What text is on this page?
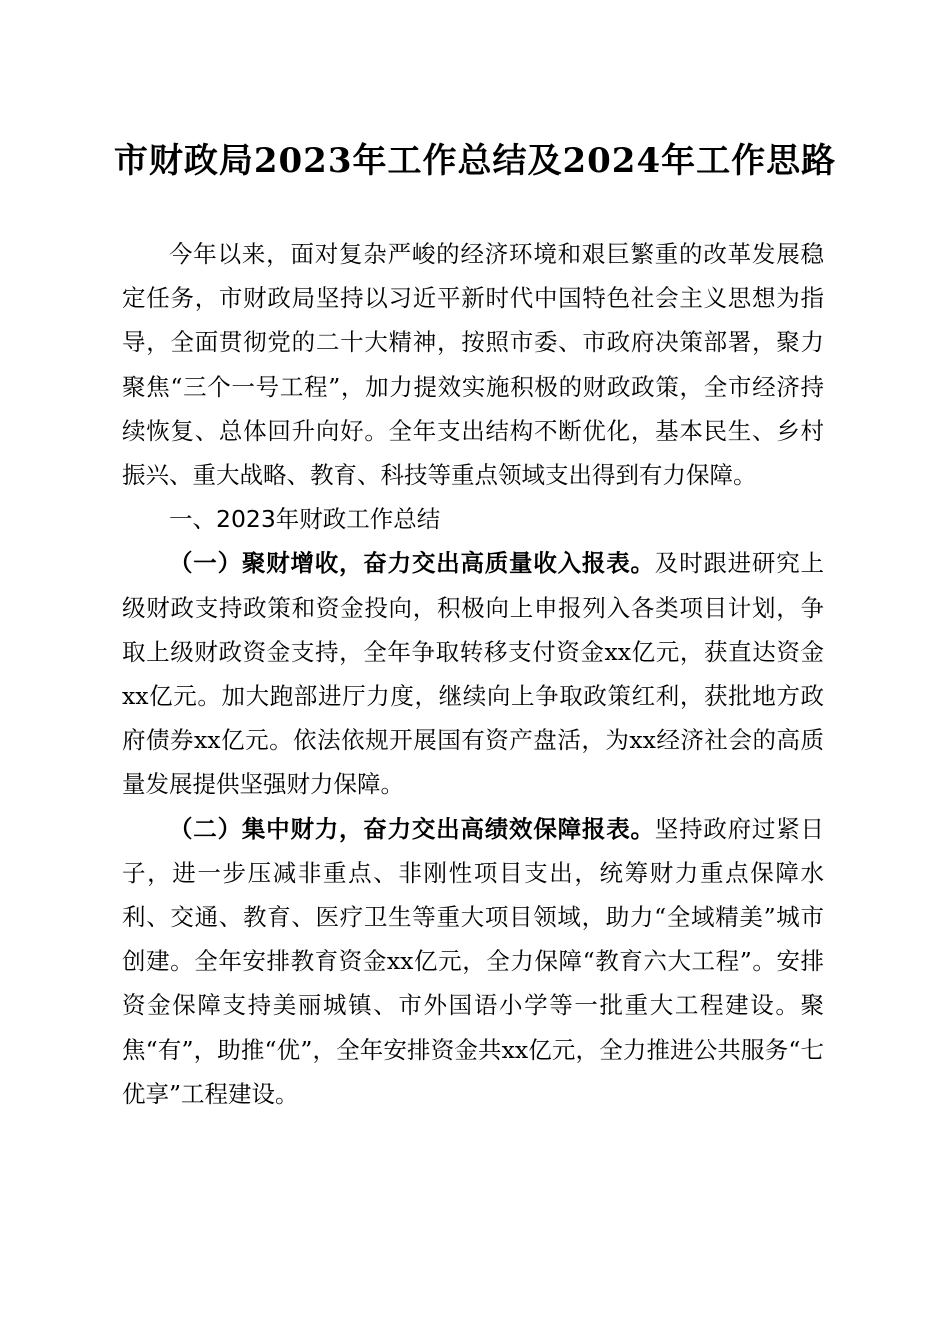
市财政局2023年工作总结及2024年工作思路

今年以来，面对复杂严峻的经济环境和艰巨繁重的改革发展稳定任务，市财政局坚持以习近平新时代中国特色社会主义思想为指导，全面贯彻党的二十大精神，按照市委、市政府决策部署，聚力聚焦“三个一号工程”，加力提效实施积极的财政政策，全市经济持续恢复、总体回升向好。全年支出结构不断优化，基本民生、乡村振兴、重大战略、教育、科技等重点领域支出得到有力保障。

一、2023年财政工作总结

（一）聚财增收，奋力交出高质量收入报表。及时跟进研究上级财政支持政策和资金投向，积极向上申报列入各类项目计划，争取上级财政资金支持，全年争取转移支付资金xx亿元，获直达资金xx亿元。加大跑部进厅力度，继续向上争取政策红利，获批地方政府债券xx亿元。依法依规开展国有资产盘活，为xx经济社会的高质量发展提供坚强财力保障。

（二）集中财力，奋力交出高绩效保障报表。坚持政府过紧日子，进一步压减非重点、非刚性项目支出，统筹财力重点保障水利、交通、教育、医疗卫生等重大项目领域，助力“全域精美”城市创建。全年安排教育资金xx亿元，全力保障“教育六大工程”。安排资金保障支持美丽城镇、市外国语小学等一批重大工程建设。聚焦“有”，助推“优”，全年安排资金共xx亿元，全力推进公共服务“七优享”工程建设。
